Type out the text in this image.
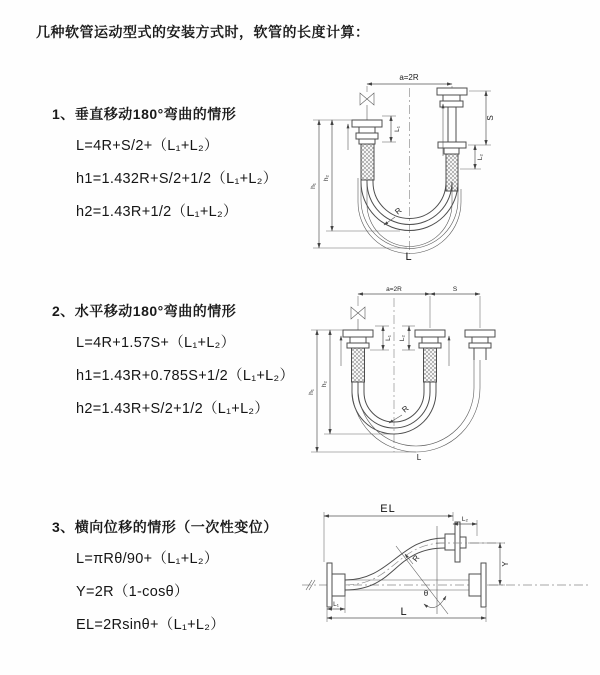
几种软管运动型式的安装方式时，软管的长度计算：
1、垂直移动180°弯曲的情形

L=4R+S/2+（L₁+L₂）

h1=1.432R+S/2+1/2（L₁+L₂）

h2=1.43R+1/2（L₁+L₂）

2、水平移动180°弯曲的情形

L=4R+1.57S+（L₁+L₂）

h1=1.43R+0.785S+1/2（L₁+L₂）

h2=1.43R+S/2+1/2（L₁+L₂）

3、横向位移的情形（一次性变位）

L=πRθ/90+（L₁+L₂）

Y=2R（1-cosθ）

EL=2Rsinθ+（L₁+L₂）

a=2R
L₁
S
L₂
R
h₁
h₂
L
a=2R	S
L₁ L₂
R
h₁
h₂
L
θ
R
EL
L₂
Y
L₁
L
